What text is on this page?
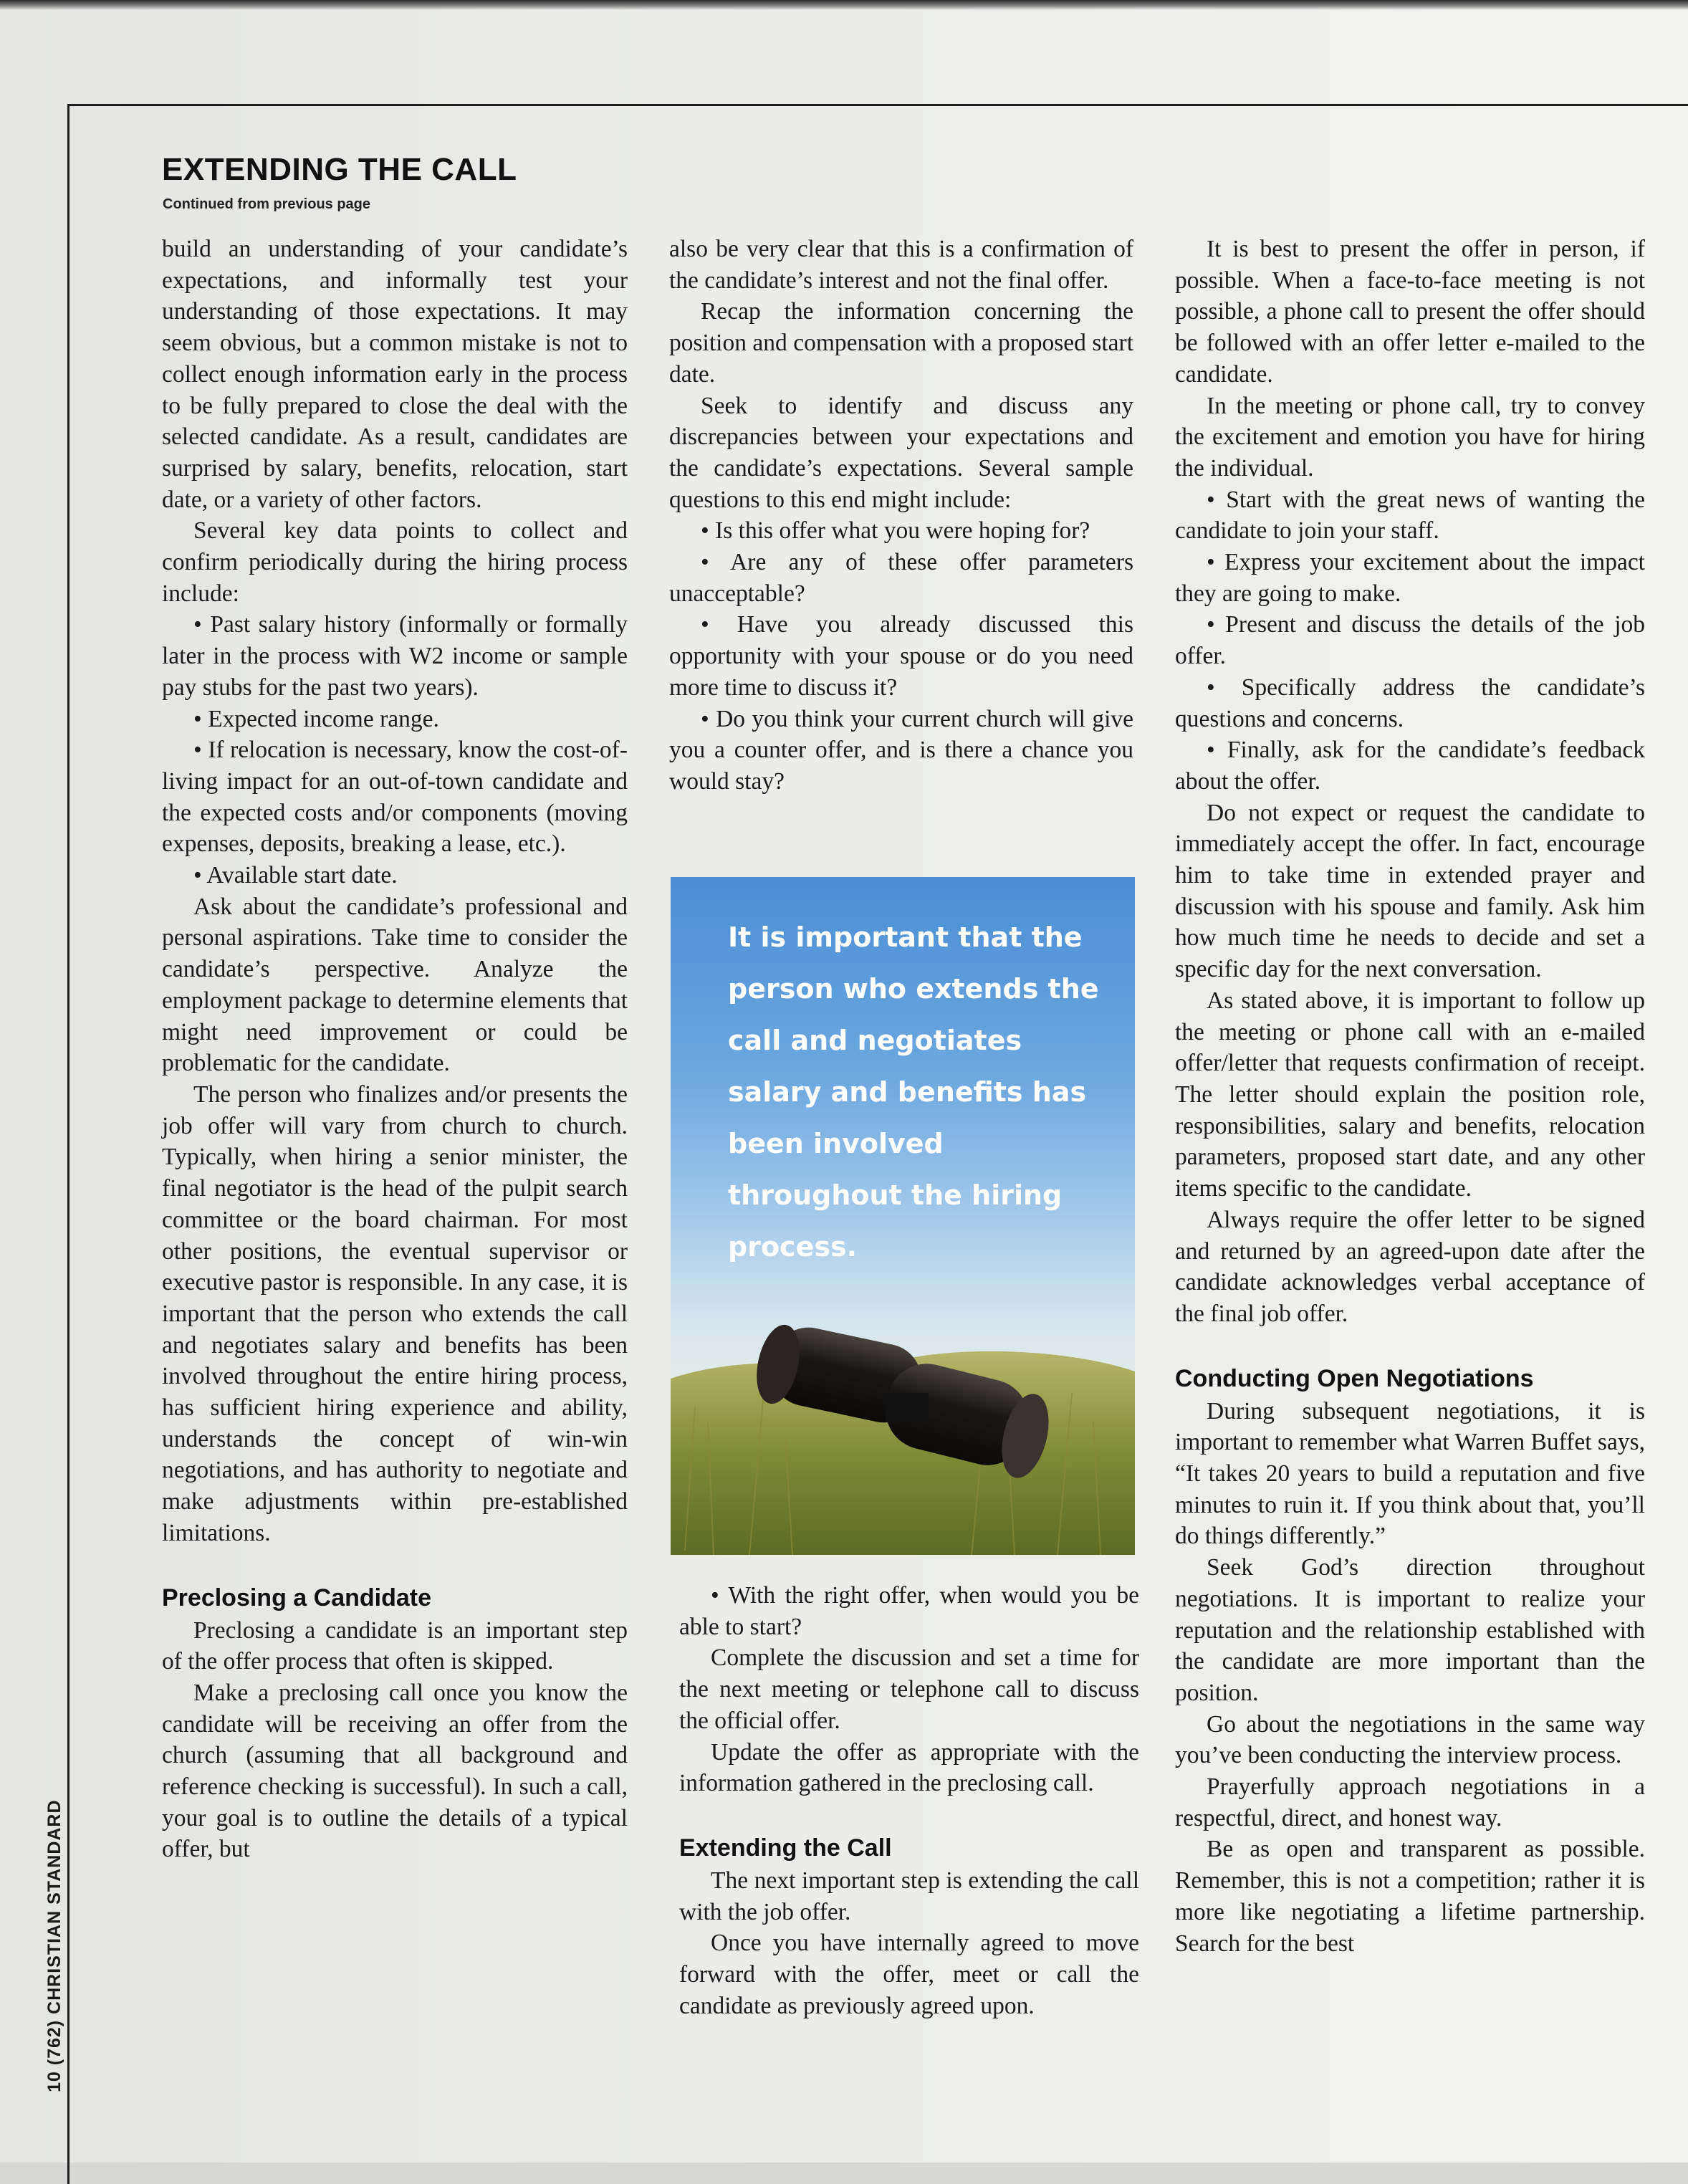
10 (762) CHRISTIAN STANDARD
EXTENDING THE CALL
Continued from previous page

build an understanding of your candidate’s expectations, and informally test your understanding of those expectations. It may seem obvious, but a common mistake is not to collect enough information early in the process to be fully prepared to close the deal with the selected candidate. As a result, candidates are surprised by salary, benefits, relocation, start date, or a variety of other factors.

Several key data points to collect and confirm periodically during the hiring process include:

• Past salary history (informally or formally later in the process with W2 income or sample pay stubs for the past two years).

• Expected income range.

• If relocation is necessary, know the cost-of-living impact for an out-of-town candidate and the expected costs and/or components (moving expenses, deposits, breaking a lease, etc.).

• Available start date.

Ask about the candidate’s professional and personal aspirations. Take time to consider the candidate’s perspective. Analyze the employment package to determine elements that might need improvement or could be problematic for the candidate.

The person who finalizes and/or presents the job offer will vary from church to church. Typically, when hiring a senior minister, the final negotiator is the head of the pulpit search committee or the board chairman. For most other positions, the eventual supervisor or executive pastor is responsible. In any case, it is important that the person who extends the call and negotiates salary and benefits has been involved throughout the entire hiring process, has sufficient hiring experience and ability, understands the concept of win-win negotiations, and has authority to negotiate and make adjustments within pre-established limitations.

Preclosing a Candidate

Preclosing a candidate is an important step of the offer process that often is skipped.

Make a preclosing call once you know the candidate will be receiving an offer from the church (assuming that all background and reference checking is successful). In such a call, your goal is to outline the details of a typical offer, but

also be very clear that this is a confirmation of the candidate’s interest and not the final offer.

Recap the information concerning the position and compensation with a proposed start date.

Seek to identify and discuss any discrepancies between your expectations and the candidate’s expectations. Several sample questions to this end might include:

• Is this offer what you were hoping for?

• Are any of these offer parameters unacceptable?

• Have you already discussed this opportunity with your spouse or do you need more time to discuss it?

• Do you think your current church will give you a counter offer, and is there a chance you would stay?

It is important that the person who extends the call and negotiates salary and benefits has been involved throughout the hiring process.

• With the right offer, when would you be able to start?

Complete the discussion and set a time for the next meeting or telephone call to discuss the official offer.

Update the offer as appropriate with the information gathered in the preclosing call.

Extending the Call

The next important step is extending the call with the job offer.

Once you have internally agreed to move forward with the offer, meet or call the candidate as previously agreed upon.

It is best to present the offer in person, if possible. When a face-to-face meeting is not possible, a phone call to present the offer should be followed with an offer letter e-mailed to the candidate.

In the meeting or phone call, try to convey the excitement and emotion you have for hiring the individual.

• Start with the great news of wanting the candidate to join your staff.

• Express your excitement about the impact they are going to make.

• Present and discuss the details of the job offer.

• Specifically address the candidate’s questions and concerns.

• Finally, ask for the candidate’s feedback about the offer.

Do not expect or request the candidate to immediately accept the offer. In fact, encourage him to take time in extended prayer and discussion with his spouse and family. Ask him how much time he needs to decide and set a specific day for the next conversation.

As stated above, it is important to follow up the meeting or phone call with an e-mailed offer/letter that requests confirmation of receipt. The letter should explain the position role, responsibilities, salary and benefits, relocation parameters, proposed start date, and any other items specific to the candidate.

Always require the offer letter to be signed and returned by an agreed-upon date after the candidate acknowledges verbal acceptance of the final job offer.

Conducting Open Negotiations

During subsequent negotiations, it is important to remember what Warren Buffet says, “It takes 20 years to build a reputation and five minutes to ruin it. If you think about that, you’ll do things differently.”

Seek God’s direction throughout negotiations. It is important to realize your reputation and the relationship established with the candidate are more important than the position.

Go about the negotiations in the same way you’ve been conducting the interview process.

Prayerfully approach negotiations in a respectful, direct, and honest way.

Be as open and transparent as possible. Remember, this is not a competition; rather it is more like negotiating a lifetime partnership. Search for the best
